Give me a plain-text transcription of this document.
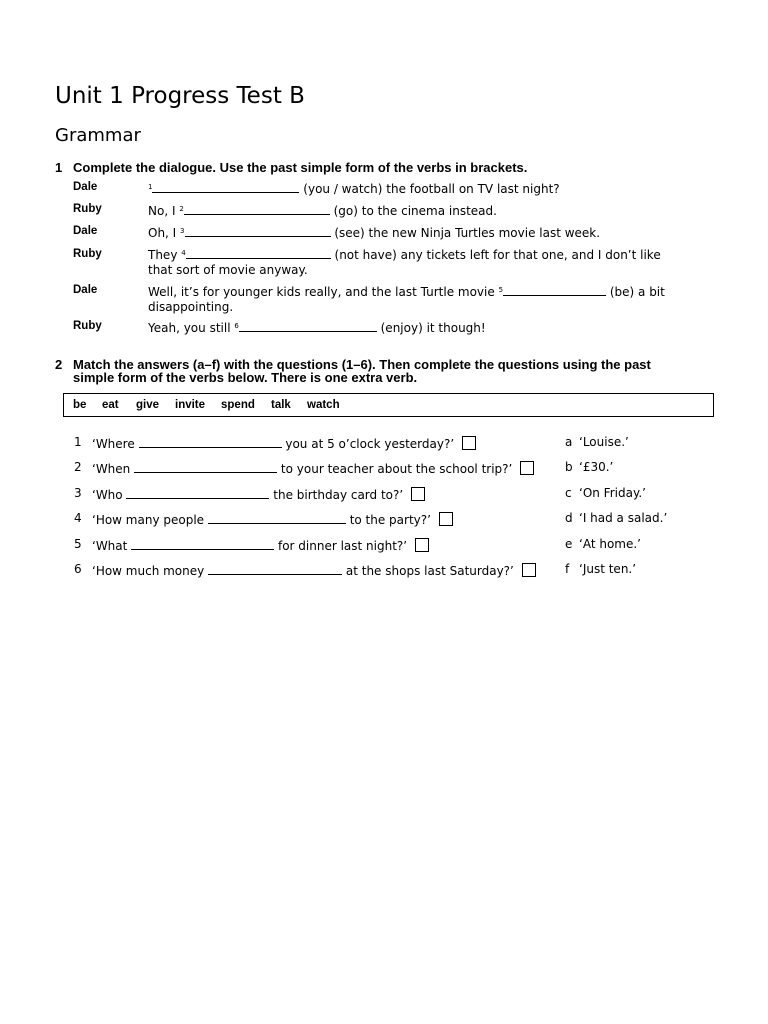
Unit 1 Progress Test B
Grammar
1 Complete the dialogue. Use the past simple form of the verbs in brackets.
Dale	$^1$	(you / watch) the football on TV last night?
Ruby	No, I $^2$	(go) to the cinema instead.
Dale	Oh, I $^3$	(see) the new Ninja Turtles movie last week.
Ruby	They $^4$	(not have) any tickets left for that one, and I don’t like that sort of movie anyway.
Dale	Well, it’s for younger kids really, and the last Turtle movie $^5$	(be) a bit disappointing.
Ruby	Yeah, you still $^6$	(enjoy) it though!
2 Match the answers (a–f) with the questions (1–6). Then complete the questions using the past simple form of the verbs below. There is one extra verb.
be eat give invite spend talk watch
1 ‘Where	you at 5 o’clock yesterday?’
2 ‘When	to your teacher about the school trip?’
3 ‘Who	the birthday card to?’
4 ‘How many people	to the party?’
5 ‘What	for dinner last night?’
6 ‘How much money	at the shops last Saturday?’
a ‘Louise.’
b ‘£30.’
c ‘On Friday.’
d ‘I had a salad.’
e ‘At home.’
f ‘Just ten.’
